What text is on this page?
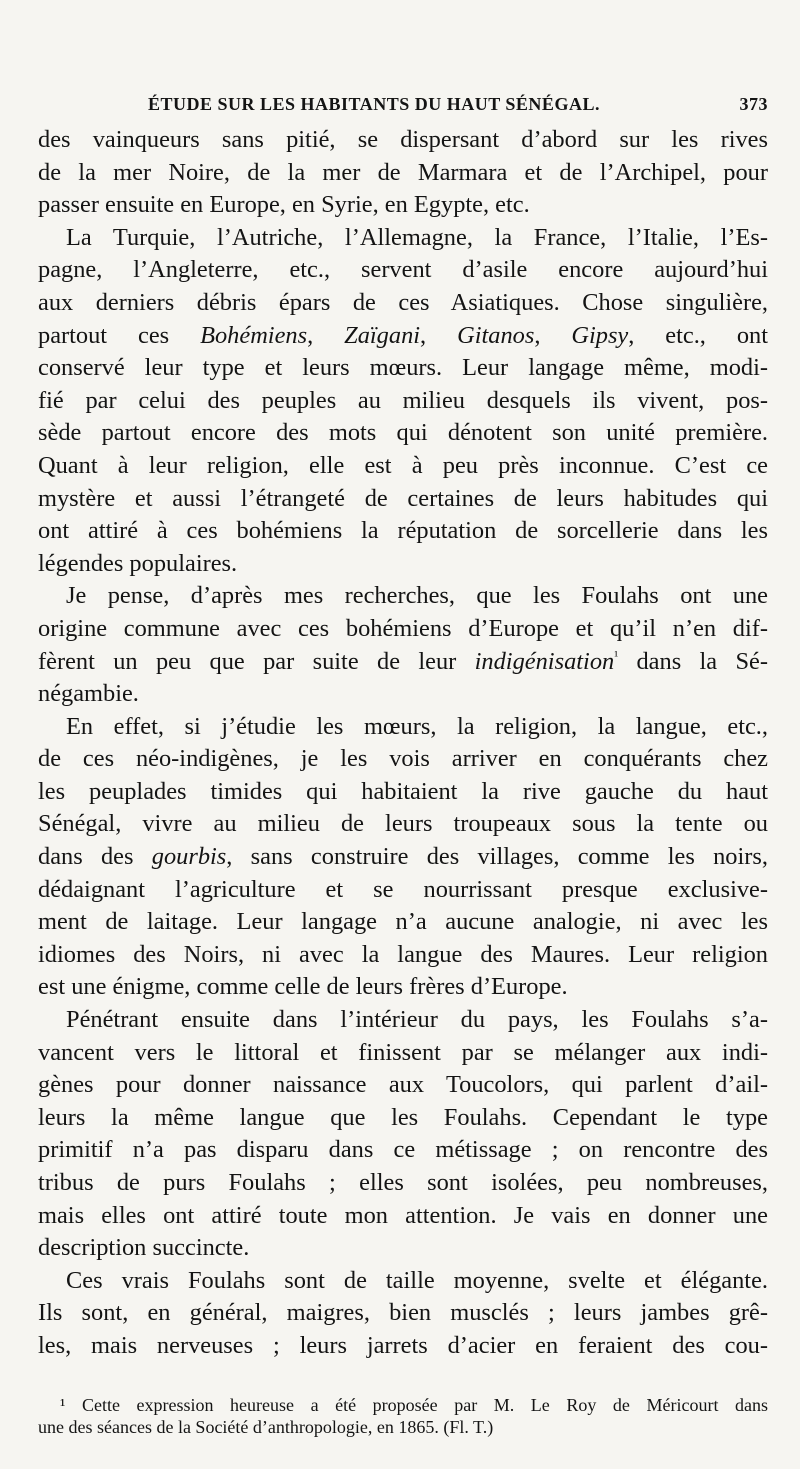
ÉTUDE SUR LES HABITANTS DU HAUT SÉNÉGAL.	373
des vainqueurs sans pitié, se dispersant d’abord sur les rives
de la mer Noire, de la mer de Marmara et de l’Archipel, pour
passer ensuite en Europe, en Syrie, en Egypte, etc.
La Turquie, l’Autriche, l’Allemagne, la France, l’Italie, l’Es-
pagne, l’Angleterre, etc., servent d’asile encore aujourd’hui
aux derniers débris épars de ces Asiatiques. Chose singulière,
partout ces Bohémiens, Zaïgani, Gitanos, Gipsy, etc., ont
conservé leur type et leurs mœurs. Leur langage même, modi-
fié par celui des peuples au milieu desquels ils vivent, pos-
sède partout encore des mots qui dénotent son unité première.
Quant à leur religion, elle est à peu près inconnue. C’est ce
mystère et aussi l’étrangeté de certaines de leurs habitudes qui
ont attiré à ces bohémiens la réputation de sorcellerie dans les
légendes populaires.
Je pense, d’après mes recherches, que les Foulahs ont une
origine commune avec ces bohémiens d’Europe et qu’il n’en dif-
fèrent un peu que par suite de leur indigénisation$^{^1}$ dans la Sé-
négambie.
En effet, si j’étudie les mœurs, la religion, la langue, etc.,
de ces néo-indigènes, je les vois arriver en conquérants chez
les peuplades timides qui habitaient la rive gauche du haut
Sénégal, vivre au milieu de leurs troupeaux sous la tente ou
dans des gourbis, sans construire des villages, comme les noirs,
dédaignant l’agriculture et se nourrissant presque exclusive-
ment de laitage. Leur langage n’a aucune analogie, ni avec les
idiomes des Noirs, ni avec la langue des Maures. Leur religion
est une énigme, comme celle de leurs frères d’Europe.
Pénétrant ensuite dans l’intérieur du pays, les Foulahs s’a-
vancent vers le littoral et finissent par se mélanger aux indi-
gènes pour donner naissance aux Toucolors, qui parlent d’ail-
leurs la même langue que les Foulahs. Cependant le type
primitif n’a pas disparu dans ce métissage ; on rencontre des
tribus de purs Foulahs ; elles sont isolées, peu nombreuses,
mais elles ont attiré toute mon attention. Je vais en donner une
description succincte.
Ces vrais Foulahs sont de taille moyenne, svelte et élégante.
Ils sont, en général, maigres, bien musclés ; leurs jambes grê-
les, mais nerveuses ; leurs jarrets d’acier en feraient des cou-
¹ Cette expression heureuse a été proposée par M. Le Roy de Méricourt dans
une des séances de la Société d’anthropologie, en 1865. (Fl. T.)
